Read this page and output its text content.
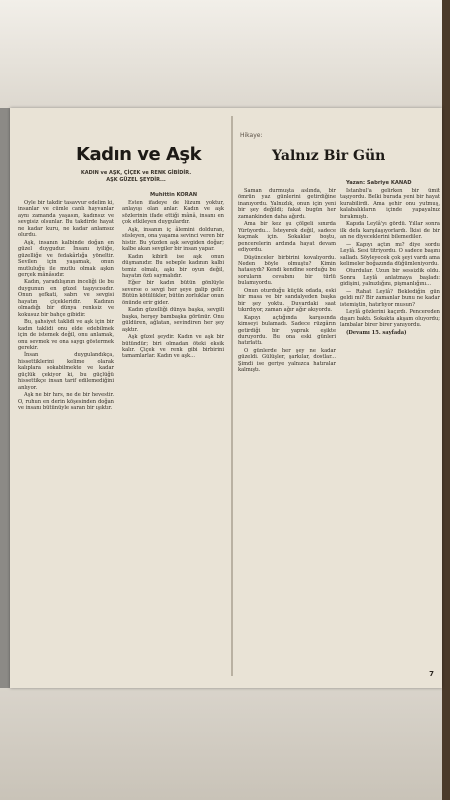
Kadın ve Aşk
KADIN ve AŞK, ÇİÇEK ve RENK GİBİDİR. AŞK GÜZEL ŞEYDİR...
Muhittin KORAN

Öyle bir takdir tasavvur edelim ki, insanlar ve cümle canlı hayvanlar aynı zamanda yaşasın, kadınsız ve sevgisiz olsunlar. Bu takdirde hayat ne kadar kuru, ne kadar anlamsız olurdu.

Aşk, insanın kalbinde doğan en güzel duygudur. İnsanı iyiliğe, güzelliğe ve fedakârlığa yöneltir. Sevilen için yaşamak, onun mutluluğu ile mutlu olmak aşkın gerçek mânâsıdır.

Kadın, yaradılışının inceliği ile bu duygunun en güzel taşıyıcısıdır. Onun şefkati, sabrı ve sevgisi hayatın çiçekleridir. Kadının olmadığı bir dünya renksiz ve kokusuz bir bahçe gibidir.

Bu, şahsiyet taklidi ve aşk için bir kadın taklidi onu elde edebilmek için de istemek değil, onu anlamak, onu sevmek ve ona saygı göstermek gerekir.

İnsan duygulandıkça, hissettiklerini kelime olarak kalıplara sokabilmekte ve kadar güçlük çekiyor ki, bu güçlüğü hissettikçe insan tarif edilemediğini anlıyor.

Aşk ne bir hırs, ne de bir hevestir. O, ruhun en derin köşesinden doğan ve insanı bütünüyle saran bir ışıktır.

Esten ifadeye de lüzum yoktur, anlayışı olan anlar. Kadın ve aşk sözlerinin ifade ettiği mânâ, insanı en çok etkileyen duygulardır.

Aşk, insanın iç âlemini dolduran, süsleyen, ona yaşama sevinci veren bir histir. Bu yüzden aşk sevgiden doğar; kalbe akan sevgiler bir insan yapar.

Kadın kibirli ise aşk onun düşmanıdır. Bu sebeple kadının kalbi temiz olmalı, aşkı bir oyun değil, hayatın özü saymalıdır.

Eğer bir kadın bütün gönlüyle severse o sevgi her şeye galip gelir. Bütün kötülükler, bütün zorluklar onun önünde erir gider.

Kadın güzelliği dünya başka, sevgili başka, herşey bambaşka görünür. Onu güldüren, ağlatan, sevindiren her şey aşktır.

Aşk güzel şeydir. Kadın ve aşk bir bütündür; biri olmadan öteki eksik kalır. Çiçek ve renk gibi birbirini tamamlarlar. Kadın ve aşk...

Hikaye:
Yalnız Bir Gün
Yazan: Sabriye KANAD

Saman durmuşta aslında, bir ömrün yaz günlerini getirdiğine inanıyordu. Yalnızlık, onun için yeni bir şey değildi; fakat bugün her zamankinden daha ağırdı.

Ama bir kez şu çölgeli sınırda Yürüyordu... İsteyerek değil, sadece kaçmak için. Sokaklar boştu, pencerelerin ardında hayat devam ediyordu.

Düşünceler birbirini kovalıyordu. Neden böyle olmuştu? Kimin hatasıydı? Kendi kendine sorduğu bu soruların cevabını bir türlü bulamıyordu.

Onun oturduğu küçük odada, eski bir masa ve bir sandalyeden başka bir şey yoktu. Duvardaki saat tıkırdıyor, zaman ağır ağır akıyordu.

Kapıyı açtığında karşısında kimseyi bulamadı. Sadece rüzgârın getirdiği bir yaprak eşikte duruyordu. Bu ona eski günleri hatırlattı.

O günlerde her şey ne kadar güzeldi. Gülüşler, şarkılar, dostlar... Şimdi ise geriye yalnızca hatıralar kalmıştı.

İstanbul'a gelirken bir ümit taşıyordu. Belki burada yeni bir hayat kurabilirdi. Ama şehir onu yutmuş, kalabalıkların içinde yapayalnız bırakmıştı.

Kapıda Leylâ'yı gördü. Yıllar sonra ilk defa karşılaşıyorlardı. İkisi de bir an ne diyeceklerini bilemediler.

— Kapıyı açtın mı? diye sordu Leylâ. Sesi titriyordu. O sadece başını salladı. Söyleyecek çok şeyi vardı ama kelimeler boğazında düğümleniyordu.

Oturdular. Uzun bir sessizlik oldu. Sonra Leylâ anlatmaya başladı: gidişini, yalnızlığını, pişmanlığını...

— Rahat Leylâ? Beklediğin gün geldi mi? Bir zamanlar bunu ne kadar istemiştin, hatırlıyor musun?

Leylâ gözlerini kaçırdı. Pencereden dışarı baktı. Sokakta akşam oluyordu; lambalar birer birer yanıyordu.

(Devamı 15. sayfada)

7
